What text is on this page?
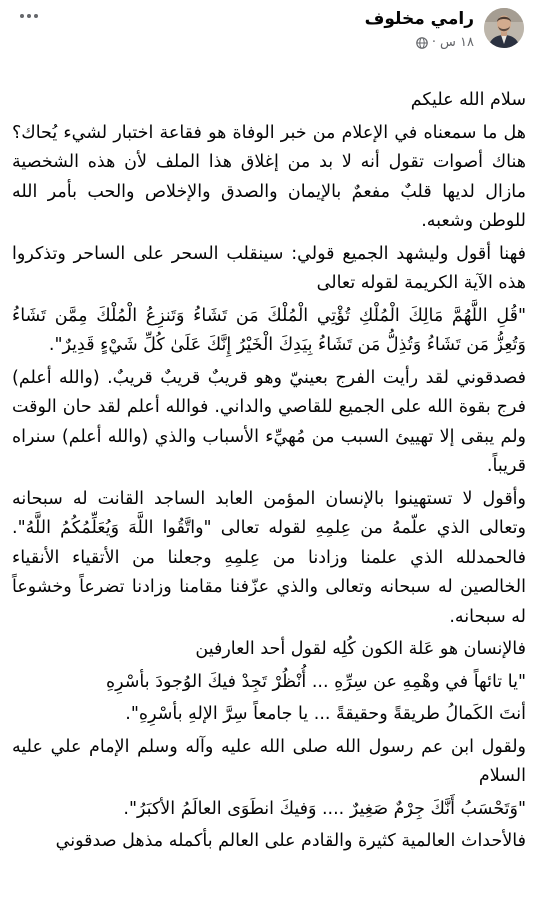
رامي مخلوف
١٨ س
·

سلام الله عليكم

هل ما سمعناه في الإعلام من خبر الوفاة هو فقاعة اختبار لشيء يُحاك؟ هناك أصوات تقول أنه لا بد من إغلاق هذا الملف لأن هذه الشخصية مازال لديها قلبٌ مفعمٌ بالإيمان والصدق والإخلاص والحب بأمر الله للوطن وشعبه.

فهنا أقول وليشهد الجميع قولي: سينقلب السحر على الساحر وتذكروا هذه الآية الكريمة لقوله تعالى

"قُلِ اللَّهُمَّ مَالِكَ الْمُلْكِ تُؤْتِي الْمُلْكَ مَن تَشَاءُ وَتَنزِعُ الْمُلْكَ مِمَّن تَشَاءُ وَتُعِزُّ مَن تَشَاءُ وَتُذِلُّ مَن تَشَاءُ بِيَدِكَ الْخَيْرُ إِنَّكَ عَلَىٰ كُلِّ شَيْءٍ قَدِيرٌ".

فصدقوني لقد رأيت الفرج بعينيّ وهو قريبٌ قريبٌ قريبٌ. (والله أعلم) فرج بقوة الله على الجميع للقاصي والداني. فوالله أعلم لقد حان الوقت ولم يبقى إلا تهييئ السبب من مُهيِّء الأسباب والذي (والله أعلم) سنراه قريباً.

وأقول لا تستهينوا بالإنسان المؤمن العابد الساجد القانت له سبحانه وتعالى الذي علّمهُ من عِلمِهِ لقوله تعالى "واتَّقُوا اللَّهَ وَيُعَلِّمُكُمُ اللَّهُ". فالحمدلله الذي علمنا وزادنا من عِلمِهِ وجعلنا من الأتقياء الأنقياء الخالصين له سبحانه وتعالى والذي عزّفنا مقامنا وزادنا تضرعاً وخشوعاً له سبحانه.

فالإنسان هو عَلة الكون كُلِه لقول أحد العارفين

"يا تائهاً في وهْمِهِ عن سِرِّهِ ... أُنْظُرْ تَجِدْ فيكَ الوُجودَ بأسْرِهِ

أنتَ الكَمالُ طريقةً وحقيقةً ... يا جامعاً سِرَّ الإلهِ بأسْرِهِ".

ولقول ابن عم رسول الله صلى الله عليه وآله وسلم الإمام علي عليه السلام

"وَتَحْسَبُ أَنَّكَ جِرْمٌ صَغِيرٌ .... وَفيكَ انطَوَى العالَمُ الأكبَرُ".

فالأحداث العالمية كثيرة والقادم على العالم بأكمله مذهل صدقوني
